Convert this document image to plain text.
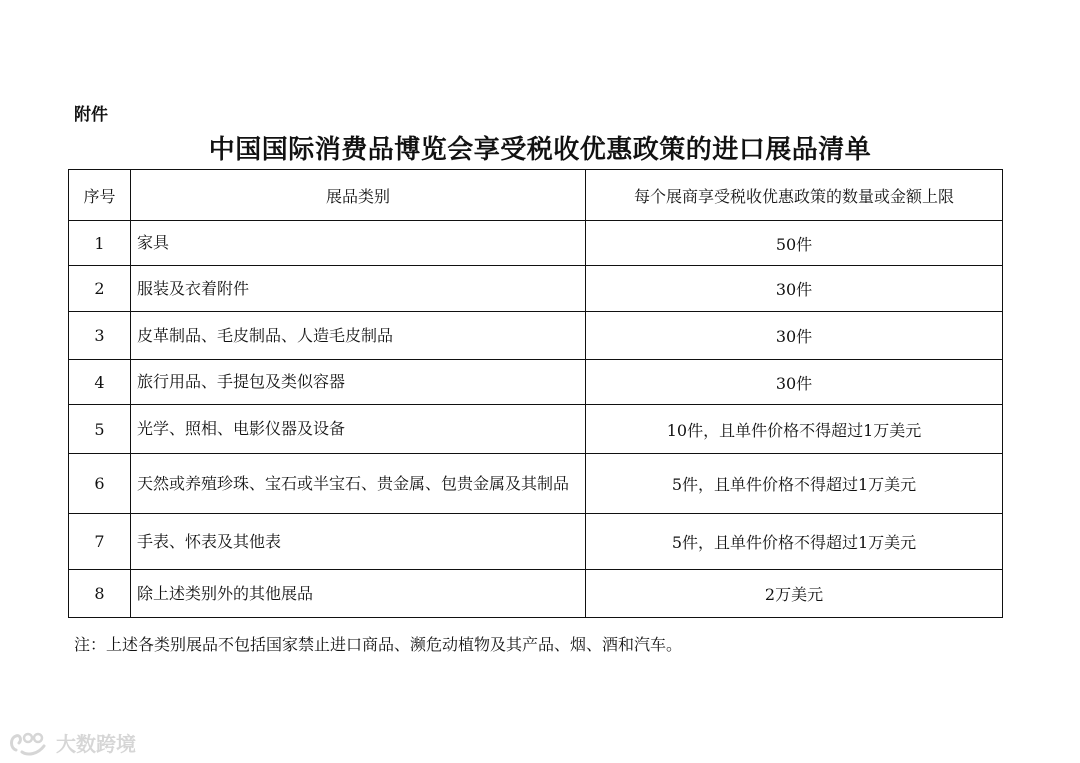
附件
中国国际消费品博览会享受税收优惠政策的进口展品清单
序号	展品类别	每个展商享受税收优惠政策的数量或金额上限
1	家具	50件
2	服装及衣着附件	30件
3	皮革制品、毛皮制品、人造毛皮制品	30件
4	旅行用品、手提包及类似容器	30件
5	光学、照相、电影仪器及设备	10件，且单件价格不得超过1万美元
6	天然或养殖珍珠、宝石或半宝石、贵金属、包贵金属及其制品	5件，且单件价格不得超过1万美元
7	手表、怀表及其他表	5件，且单件价格不得超过1万美元
8	除上述类别外的其他展品	2万美元
注：上述各类别展品不包括国家禁止进口商品、濒危动植物及其产品、烟、酒和汽车。
大数跨境
